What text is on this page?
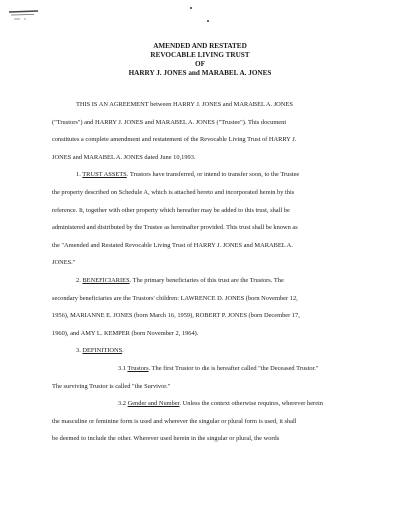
AMENDED AND RESTATED
REVOCABLE LIVING TRUST
OF
HARRY J. JONES and MARABEL A. JONES
THIS IS AN AGREEMENT between HARRY J. JONES and MARABEL A. JONES
("Trustors") and HARRY J. JONES and MARABEL A. JONES ("Trustee"). This document
constitutes a complete amendment and restatement of the Revocable Living Trust of HARRY J.
JONES and MARABEL A. JONES dated June 10,1993.
1. TRUST ASSETS. Trustors have transferred, or intend to transfer soon, to the Trustee
the property described on Schedule A, which is attached hereto and incorporated herein by this
reference. It, together with other property which hereafter may be added to this trust, shall be
administered and distributed by the Trustee as hereinafter provided. This trust shall be known as
the "Amended and Restated Revocable Living Trust of HARRY J. JONES and MARABEL A.
JONES."
2. BENEFICIARIES. The primary beneficiaries of this trust are the Trustors. The
secondary beneficiaries are the Trustors' children: LAWRENCE D. JONES (born November 12,
1956), MARIANNE E. JONES (born March 16, 1959), ROBERT P. JONES (born December 17,
1960), and AMY L. KEMPER (born November 2, 1964).
3. DEFINITIONS.
3.1 Trustors. The first Trustor to die is hereafter called "the Deceased Trustor."
The surviving Trustor is called "the Survivor."
3.2 Gender and Number. Unless the context otherwise requires, wherever herein
the masculine or feminine form is used and wherever the singular or plural form is used, it shall
be deemed to include the other. Wherever used herein in the singular or plural, the words
